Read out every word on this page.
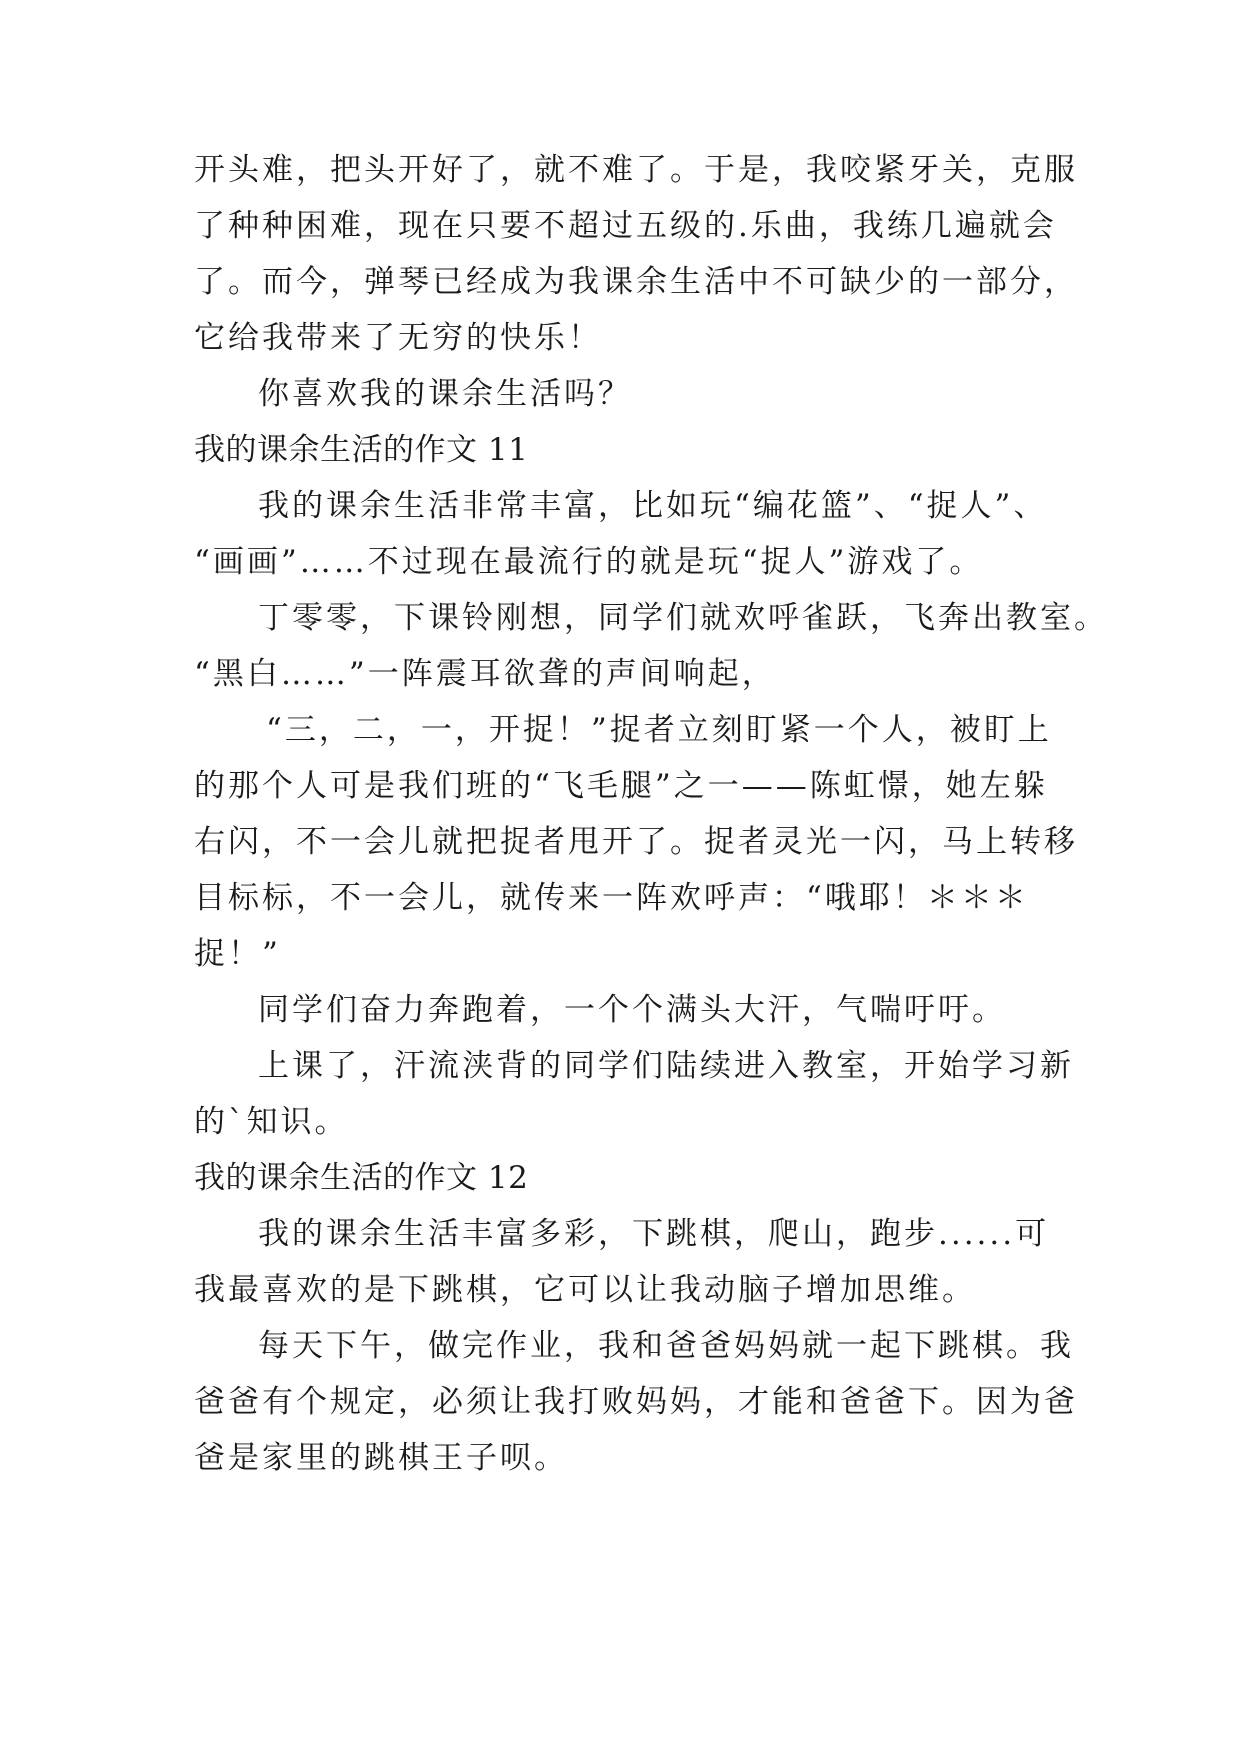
开头难，把头开好了，就不难了。于是，我咬紧牙关，克服
了种种困难，现在只要不超过五级的.乐曲，我练几遍就会
了。而今，弹琴已经成为我课余生活中不可缺少的一部分，
它给我带来了无穷的快乐！
你喜欢我的课余生活吗？
我的课余生活的作文 11
我的课余生活非常丰富，比如玩“编花篮”、“捉人”、
“画画”……不过现在最流行的就是玩“捉人”游戏了。
丁零零，下课铃刚想，同学们就欢呼雀跃，飞奔出教室。
“黑白……”一阵震耳欲聋的声间响起，
“三，二，一，开捉！”捉者立刻盯紧一个人，被盯上
的那个人可是我们班的“飞毛腿”之一——陈虹憬，她左躲
右闪，不一会儿就把捉者甩开了。捉者灵光一闪，马上转移
目标标，不一会儿，就传来一阵欢呼声：“哦耶！＊＊＊
捉！”
同学们奋力奔跑着，一个个满头大汗，气喘吁吁。
上课了，汗流浃背的同学们陆续进入教室，开始学习新
的`知识。
我的课余生活的作文 12
我的课余生活丰富多彩，下跳棋，爬山，跑步......可
我最喜欢的是下跳棋，它可以让我动脑子增加思维。
每天下午，做完作业，我和爸爸妈妈就一起下跳棋。我
爸爸有个规定，必须让我打败妈妈，才能和爸爸下。因为爸
爸是家里的跳棋王子呗。
